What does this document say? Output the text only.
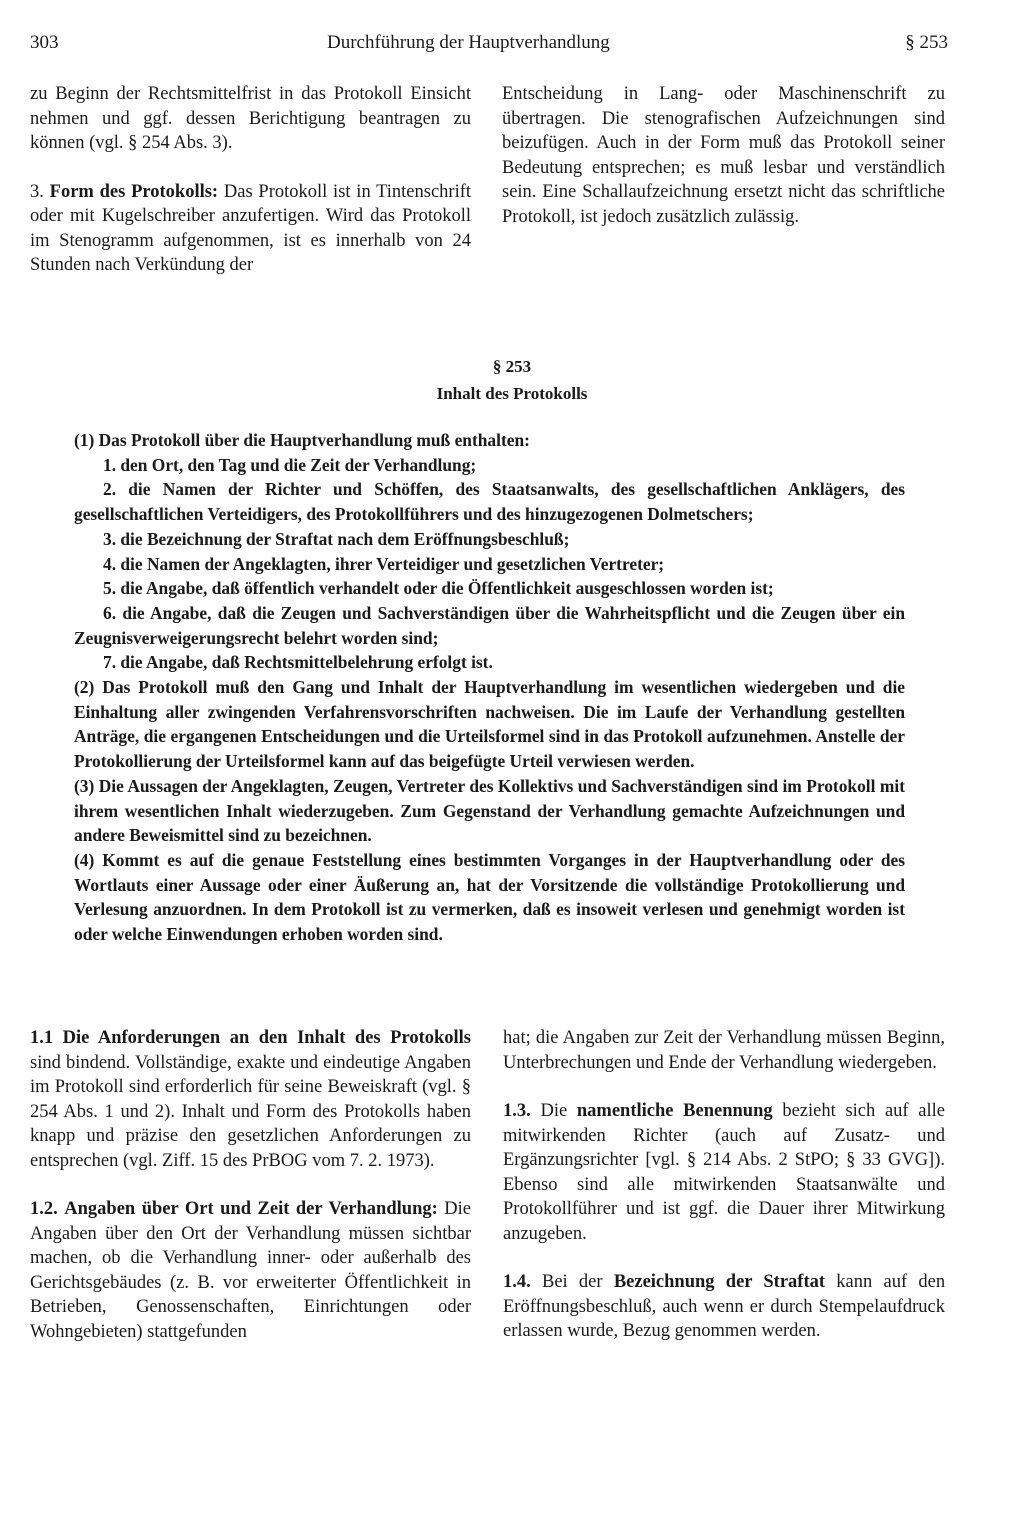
303	Durchführung der Hauptverhandlung	§ 253

zu Beginn der Rechtsmittelfrist in das Protokoll Einsicht nehmen und ggf. dessen Berichtigung beantragen zu können (vgl. § 254 Abs. 3).

3. Form des Protokolls: Das Protokoll ist in Tintenschrift oder mit Kugelschreiber anzufertigen. Wird das Protokoll im Stenogramm aufgenommen, ist es innerhalb von 24 Stunden nach Verkündung der

Entscheidung in Lang- oder Maschinenschrift zu übertragen. Die stenografischen Aufzeichnungen sind beizufügen. Auch in der Form muß das Protokoll seiner Bedeutung entsprechen; es muß lesbar und verständlich sein. Eine Schallaufzeichnung ersetzt nicht das schriftliche Protokoll, ist jedoch zusätzlich zulässig.

§ 253
Inhalt des Protokolls

(1) Das Protokoll über die Hauptverhandlung muß enthalten:

1. den Ort, den Tag und die Zeit der Verhandlung;

2. die Namen der Richter und Schöffen, des Staatsanwalts, des gesellschaftlichen Anklägers, des gesellschaftlichen Verteidigers, des Protokollführers und des hinzugezogenen Dolmetschers;

3. die Bezeichnung der Straftat nach dem Eröffnungsbeschluß;

4. die Namen der Angeklagten, ihrer Verteidiger und gesetzlichen Vertreter;

5. die Angabe, daß öffentlich verhandelt oder die Öffentlichkeit ausgeschlossen worden ist;

6. die Angabe, daß die Zeugen und Sachverständigen über die Wahrheitspflicht und die Zeugen über ein Zeugnisverweigerungsrecht belehrt worden sind;

7. die Angabe, daß Rechtsmittelbelehrung erfolgt ist.

(2) Das Protokoll muß den Gang und Inhalt der Hauptverhandlung im wesentlichen wiedergeben und die Einhaltung aller zwingenden Verfahrensvorschriften nachweisen. Die im Laufe der Verhandlung gestellten Anträge, die ergangenen Entscheidungen und die Urteilsformel sind in das Protokoll aufzunehmen. Anstelle der Protokollierung der Urteilsformel kann auf das beigefügte Urteil verwiesen werden.

(3) Die Aussagen der Angeklagten, Zeugen, Vertreter des Kollektivs und Sachverständigen sind im Protokoll mit ihrem wesentlichen Inhalt wiederzugeben. Zum Gegenstand der Verhandlung gemachte Aufzeichnungen und andere Beweismittel sind zu bezeichnen.

(4) Kommt es auf die genaue Feststellung eines bestimmten Vorganges in der Hauptverhandlung oder des Wortlauts einer Aussage oder einer Äußerung an, hat der Vorsitzende die vollständige Protokollierung und Verlesung anzuordnen. In dem Protokoll ist zu vermerken, daß es insoweit verlesen und genehmigt worden ist oder welche Einwendungen erhoben worden sind.

1.1 Die Anforderungen an den Inhalt des Protokolls sind bindend. Vollständige, exakte und eindeutige Angaben im Protokoll sind erforderlich für seine Beweiskraft (vgl. § 254 Abs. 1 und 2). Inhalt und Form des Protokolls haben knapp und präzise den gesetzlichen Anforderungen zu entsprechen (vgl. Ziff. 15 des PrBOG vom 7. 2. 1973).

1.2. Angaben über Ort und Zeit der Verhandlung: Die Angaben über den Ort der Verhandlung müssen sichtbar machen, ob die Verhandlung inner- oder außerhalb des Gerichtsgebäudes (z. B. vor erweiterter Öffentlichkeit in Betrieben, Genossenschaften, Einrichtungen oder Wohngebieten) stattgefunden

hat; die Angaben zur Zeit der Verhandlung müssen Beginn, Unterbrechungen und Ende der Verhandlung wiedergeben.

1.3. Die namentliche Benennung bezieht sich auf alle mitwirkenden Richter (auch auf Zusatz- und Ergänzungsrichter [vgl. § 214 Abs. 2 StPO; § 33 GVG]). Ebenso sind alle mitwirkenden Staatsanwälte und Protokollführer und ist ggf. die Dauer ihrer Mitwirkung anzugeben.

1.4. Bei der Bezeichnung der Straftat kann auf den Eröffnungsbeschluß, auch wenn er durch Stempelaufdruck erlassen wurde, Bezug genommen werden.
